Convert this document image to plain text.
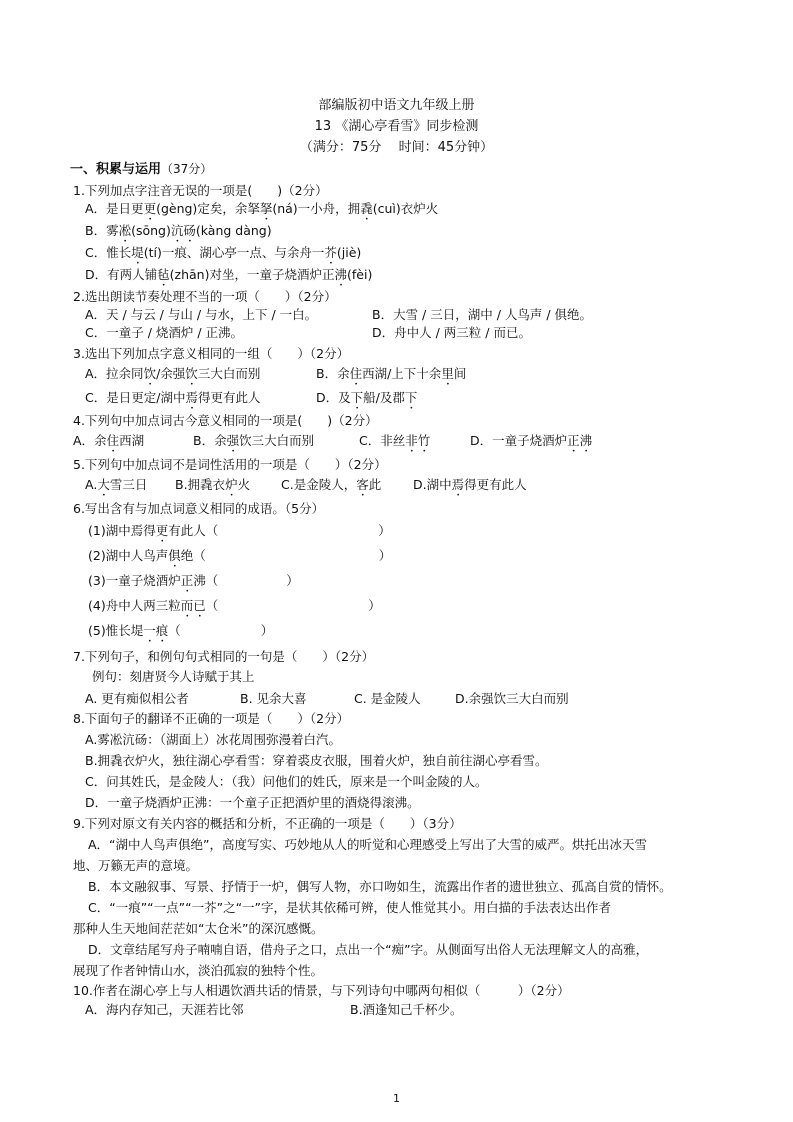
部编版初中语文九年级上册
13 《湖心亭看雪》同步检测
（满分：75分　 时间：45分钟）
一、积累与运用（37分）
1.下列加点字注音无误的一项是(　　)（2分）
A．是日更更(gèng)定矣，余拏拏(ná)一小舟，拥毳(cuì)衣炉火
B．雾凇(sōng)沆砀(kàng dàng)
C．惟长堤(tí)一痕、湖心亭一点、与余舟一芥(jiè)
D．有两人铺毡(zhān)对坐，一童子烧酒炉正沸(fèi)
2.选出朗读节奏处理不当的一项（　　）（2分）
A．天 / 与云 / 与山 / 与水，上下 / 一白。	B．大雪 / 三日，湖中 / 人鸟声 / 俱绝。
C．一童子 / 烧酒炉 / 正沸。	D．舟中人 / 两三粒 / 而已。
3.选出下列加点字意义相同的一组（　　）（2分）
A．拉余同饮/余强饮三大白而别	B．余住西湖/上下十余里间
C．是日更定/湖中焉得更有此人	D．及下船/及郡下
4.下列句中加点词古今意义相同的一项是(　　)（2分）
A．余住西湖	B．余强饮三大白而别	C．非丝非竹	D．一童子烧酒炉正沸
5.下列句中加点词不是词性活用的一项是（　　）（2分）
A.大雪三日 B.拥毳衣炉火 C.是金陵人，客此	D.湖中焉得更有此人
6.写出含有与加点词意义相同的成语。（5分）
(1)湖中焉得更有此人（	）
(2)湖中人鸟声俱绝（	）
(3)一童子烧酒炉正沸（	）
(4)舟中人两三粒而已（	）
(5)惟长堤一痕（	）
7.下列句子，和例句句式相同的一句是（　　）（2分）
例句：刻唐贤今人诗赋于其上
A. 更有痴似相公者	B. 见余大喜	C. 是金陵人	D.余强饮三大白而别
8.下面句子的翻译不正确的一项是（　　）（2分）
A.雾凇沆砀：（湖面上）冰花周围弥漫着白汽。
B.拥毳衣炉火，独往湖心亭看雪：穿着裘皮衣服，围着火炉，独自前往湖心亭看雪。
C．问其姓氏，是金陵人：（我）问他们的姓氏，原来是一个叫金陵的人。
D．一童子烧酒炉正沸：一个童子正把酒炉里的酒烧得滚沸。
9.下列对原文有关内容的概括和分析，不正确的一项是（　　）（3分）
A．“湖中人鸟声俱绝”，高度写实、巧妙地从人的听觉和心理感受上写出了大雪的威严。烘托出冰天雪
地、万籁无声的意境。
B．本文融叙事、写景、抒情于一炉，偶写人物，亦口吻如生，流露出作者的遗世独立、孤高自赏的情怀。
C．“一痕”“一点”“一芥”之“一”字，是状其依稀可辨，使人惟觉其小。用白描的手法表达出作者
那种人生天地间茫茫如“太仓米”的深沉感慨。
D．文章结尾写舟子喃喃自语，借舟子之口，点出一个“痴”字。从侧面写出俗人无法理解文人的高雅，
展现了作者钟情山水，淡泊孤寂的独特个性。
10.作者在湖心亭上与人相遇饮酒共话的情景，与下列诗句中哪两句相似（　　　）（2分）
A．海内存知己，天涯若比邻	B.酒逢知己千杯少。
1
